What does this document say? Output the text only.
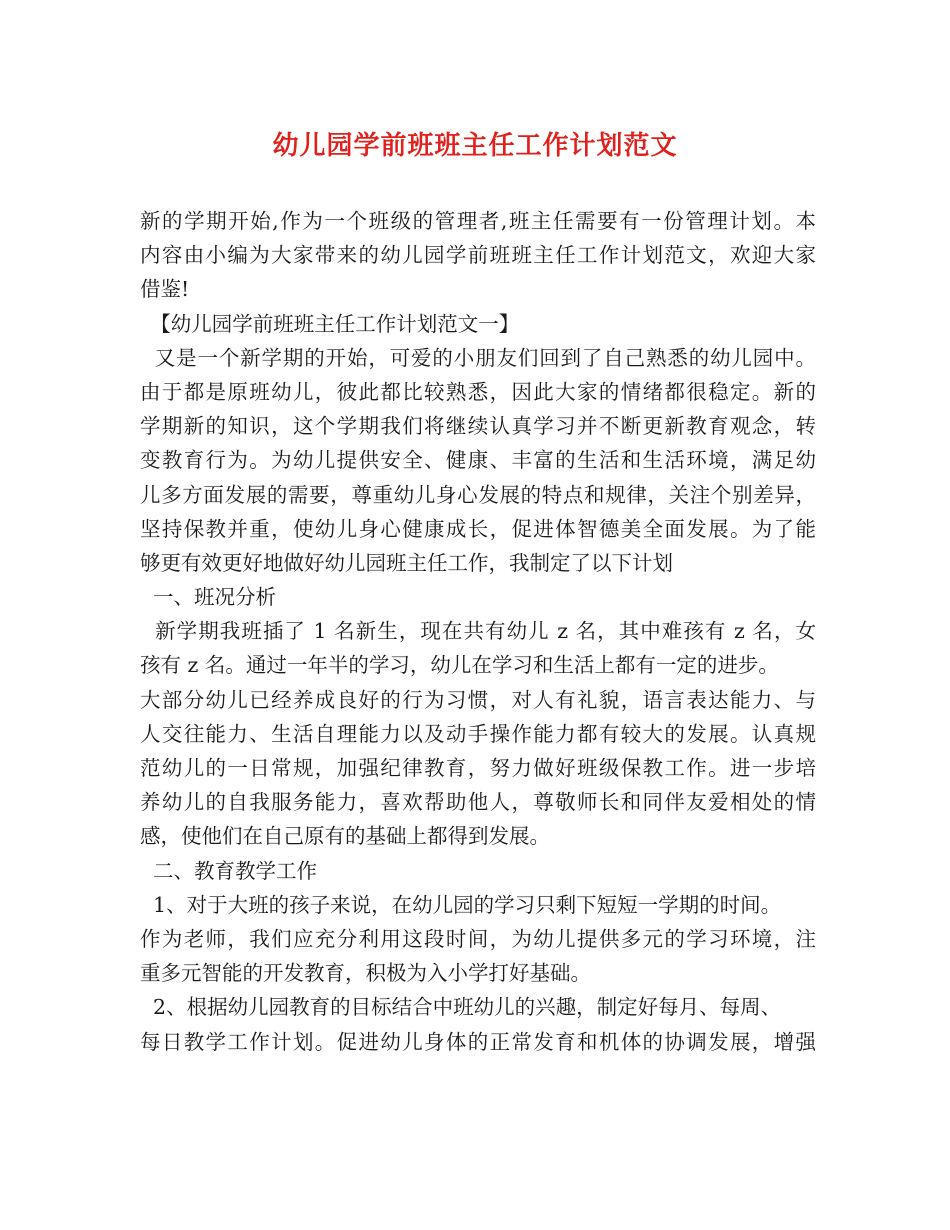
幼儿园学前班班主任工作计划范文
新的学期开始,作为一个班级的管理者,班主任需要有一份管理计划。本
内容由小编为大家带来的幼儿园学前班班主任工作计划范文，欢迎大家
借鉴!
　【幼儿园学前班班主任工作计划范文一】
又是一个新学期的开始，可爱的小朋友们回到了自己熟悉的幼儿园中。
由于都是原班幼儿，彼此都比较熟悉，因此大家的情绪都很稳定。新的
学期新的知识，这个学期我们将继续认真学习并不断更新教育观念，转
变教育行为。为幼儿提供安全、健康、丰富的生活和生活环境，满足幼
儿多方面发展的需要，尊重幼儿身心发展的特点和规律，关注个别差异，
坚持保教并重，使幼儿身心健康成长，促进体智德美全面发展。为了能
够更有效更好地做好幼儿园班主任工作，我制定了以下计划
一、班况分析
新学期我班插了 1 名新生，现在共有幼儿 z 名，其中难孩有 z 名，女
孩有 z 名。通过一年半的学习，幼儿在学习和生活上都有一定的进步。
大部分幼儿已经养成良好的行为习惯，对人有礼貌，语言表达能力、与
人交往能力、生活自理能力以及动手操作能力都有较大的发展。认真规
范幼儿的一日常规，加强纪律教育，努力做好班级保教工作。进一步培
养幼儿的自我服务能力，喜欢帮助他人，尊敬师长和同伴友爱相处的情
感，使他们在自己原有的基础上都得到发展。
二、教育教学工作
1、对于大班的孩子来说，在幼儿园的学习只剩下短短一学期的时间。
作为老师，我们应充分利用这段时间，为幼儿提供多元的学习环境，注
重多元智能的开发教育，积极为入小学打好基础。
2、根据幼儿园教育的目标结合中班幼儿的兴趣，制定好每月、每周、
每日教学工作计划。促进幼儿身体的正常发育和机体的协调发展，增强
